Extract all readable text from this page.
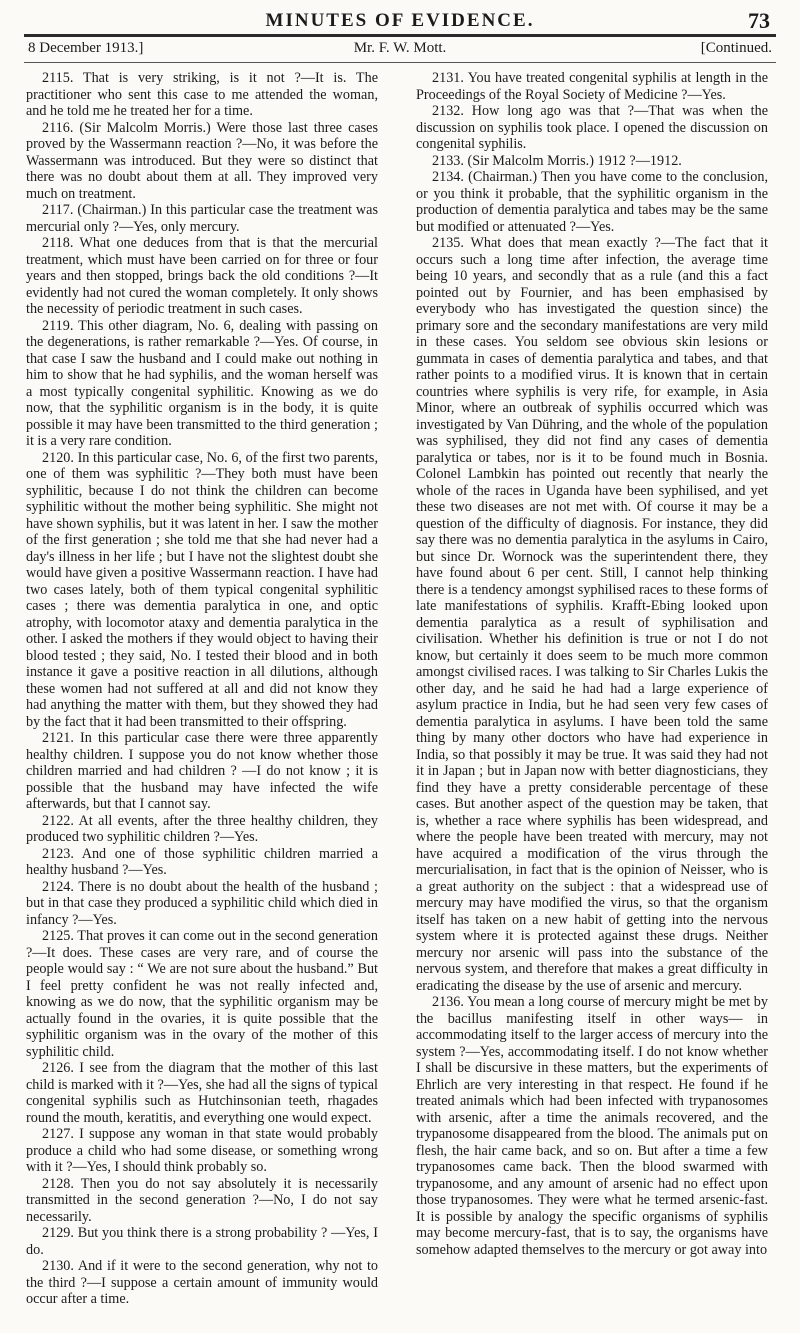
MINUTES OF EVIDENCE.	73
8 December 1913.]	Mr. F. W. Mott.	[Continued.

2115. That is very striking, is it not ?—It is. The practitioner who sent this case to me attended the woman, and he told me he treated her for a time.

2116. (Sir Malcolm Morris.) Were those last three cases proved by the Wassermann reaction ?—No, it was before the Wassermann was introduced. But they were so distinct that there was no doubt about them at all. They improved very much on treatment.

2117. (Chairman.) In this particular case the treatment was mercurial only ?—Yes, only mercury.

2118. What one deduces from that is that the mercurial treatment, which must have been carried on for three or four years and then stopped, brings back the old conditions ?—It evidently had not cured the woman completely. It only shows the necessity of periodic treatment in such cases.

2119. This other diagram, No. 6, dealing with passing on the degenerations, is rather remarkable ?—Yes. Of course, in that case I saw the husband and I could make out nothing in him to show that he had syphilis, and the woman herself was a most typically congenital syphilitic. Knowing as we do now, that the syphilitic organism is in the body, it is quite possible it may have been transmitted to the third generation ; it is a very rare condition.

2120. In this particular case, No. 6, of the first two parents, one of them was syphilitic ?—They both must have been syphilitic, because I do not think the children can become syphilitic without the mother being syphilitic. She might not have shown syphilis, but it was latent in her. I saw the mother of the first generation ; she told me that she had never had a day's illness in her life ; but I have not the slightest doubt she would have given a positive Wassermann reaction. I have had two cases lately, both of them typical congenital syphilitic cases ; there was dementia paralytica in one, and optic atrophy, with locomotor ataxy and dementia paralytica in the other. I asked the mothers if they would object to having their blood tested ; they said, No. I tested their blood and in both instance it gave a positive reaction in all dilutions, although these women had not suffered at all and did not know they had anything the matter with them, but they showed they had by the fact that it had been transmitted to their offspring.

2121. In this particular case there were three apparently healthy children. I suppose you do not know whether those children married and had children ? —I do not know ; it is possible that the husband may have infected the wife afterwards, but that I cannot say.

2122. At all events, after the three healthy children, they produced two syphilitic children ?—Yes.

2123. And one of those syphilitic children married a healthy husband ?—Yes.

2124. There is no doubt about the health of the husband ; but in that case they produced a syphilitic child which died in infancy ?—Yes.

2125. That proves it can come out in the second generation ?—It does. These cases are very rare, and of course the people would say : “ We are not sure about the husband.” But I feel pretty confident he was not really infected and, knowing as we do now, that the syphilitic organism may be actually found in the ovaries, it is quite possible that the syphilitic organism was in the ovary of the mother of this syphilitic child.

2126. I see from the diagram that the mother of this last child is marked with it ?—Yes, she had all the signs of typical congenital syphilis such as Hutchinsonian teeth, rhagades round the mouth, keratitis, and everything one would expect.

2127. I suppose any woman in that state would probably produce a child who had some disease, or something wrong with it ?—Yes, I should think probably so.

2128. Then you do not say absolutely it is necessarily transmitted in the second generation ?—No, I do not say necessarily.

2129. But you think there is a strong probability ? —Yes, I do.

2130. And if it were to the second generation, why not to the third ?—I suppose a certain amount of immunity would occur after a time.

2131. You have treated congenital syphilis at length in the Proceedings of the Royal Society of Medicine ?—Yes.

2132. How long ago was that ?—That was when the discussion on syphilis took place. I opened the discussion on congenital syphilis.

2133. (Sir Malcolm Morris.) 1912 ?—1912.

2134. (Chairman.) Then you have come to the conclusion, or you think it probable, that the syphilitic organism in the production of dementia paralytica and tabes may be the same but modified or attenuated ?—Yes.

2135. What does that mean exactly ?—The fact that it occurs such a long time after infection, the average time being 10 years, and secondly that as a rule (and this a fact pointed out by Fournier, and has been emphasised by everybody who has investigated the question since) the primary sore and the secondary manifestations are very mild in these cases. You seldom see obvious skin lesions or gummata in cases of dementia paralytica and tabes, and that rather points to a modified virus. It is known that in certain countries where syphilis is very rife, for example, in Asia Minor, where an outbreak of syphilis occurred which was investigated by Van Dühring, and the whole of the population was syphilised, they did not find any cases of dementia paralytica or tabes, nor is it to be found much in Bosnia. Colonel Lambkin has pointed out recently that nearly the whole of the races in Uganda have been syphilised, and yet these two diseases are not met with. Of course it may be a question of the difficulty of diagnosis. For instance, they did say there was no dementia paralytica in the asylums in Cairo, but since Dr. Wornock was the superintendent there, they have found about 6 per cent. Still, I cannot help thinking there is a tendency amongst syphilised races to these forms of late manifestations of syphilis. Krafft-Ebing looked upon dementia paralytica as a result of syphilisation and civilisation. Whether his definition is true or not I do not know, but certainly it does seem to be much more common amongst civilised races. I was talking to Sir Charles Lukis the other day, and he said he had had a large experience of asylum practice in India, but he had seen very few cases of dementia paralytica in asylums. I have been told the same thing by many other doctors who have had experience in India, so that possibly it may be true. It was said they had not it in Japan ; but in Japan now with better diagnosticians, they find they have a pretty considerable percentage of these cases. But another aspect of the question may be taken, that is, whether a race where syphilis has been widespread, and where the people have been treated with mercury, may not have acquired a modification of the virus through the mercurialisation, in fact that is the opinion of Neisser, who is a great authority on the subject : that a widespread use of mercury may have modified the virus, so that the organism itself has taken on a new habit of getting into the nervous system where it is protected against these drugs. Neither mercury nor arsenic will pass into the substance of the nervous system, and therefore that makes a great difficulty in eradicating the disease by the use of arsenic and mercury.

2136. You mean a long course of mercury might be met by the bacillus manifesting itself in other ways— in accommodating itself to the larger access of mercury into the system ?—Yes, accommodating itself. I do not know whether I shall be discursive in these matters, but the experiments of Ehrlich are very interesting in that respect. He found if he treated animals which had been infected with trypanosomes with arsenic, after a time the animals recovered, and the trypanosome disappeared from the blood. The animals put on flesh, the hair came back, and so on. But after a time a few trypanosomes came back. Then the blood swarmed with trypanosome, and any amount of arsenic had no effect upon those trypanosomes. They were what he termed arsenic-fast. It is possible by analogy the specific organisms of syphilis may become mercury-fast, that is to say, the organisms have somehow adapted themselves to the mercury or got away into
